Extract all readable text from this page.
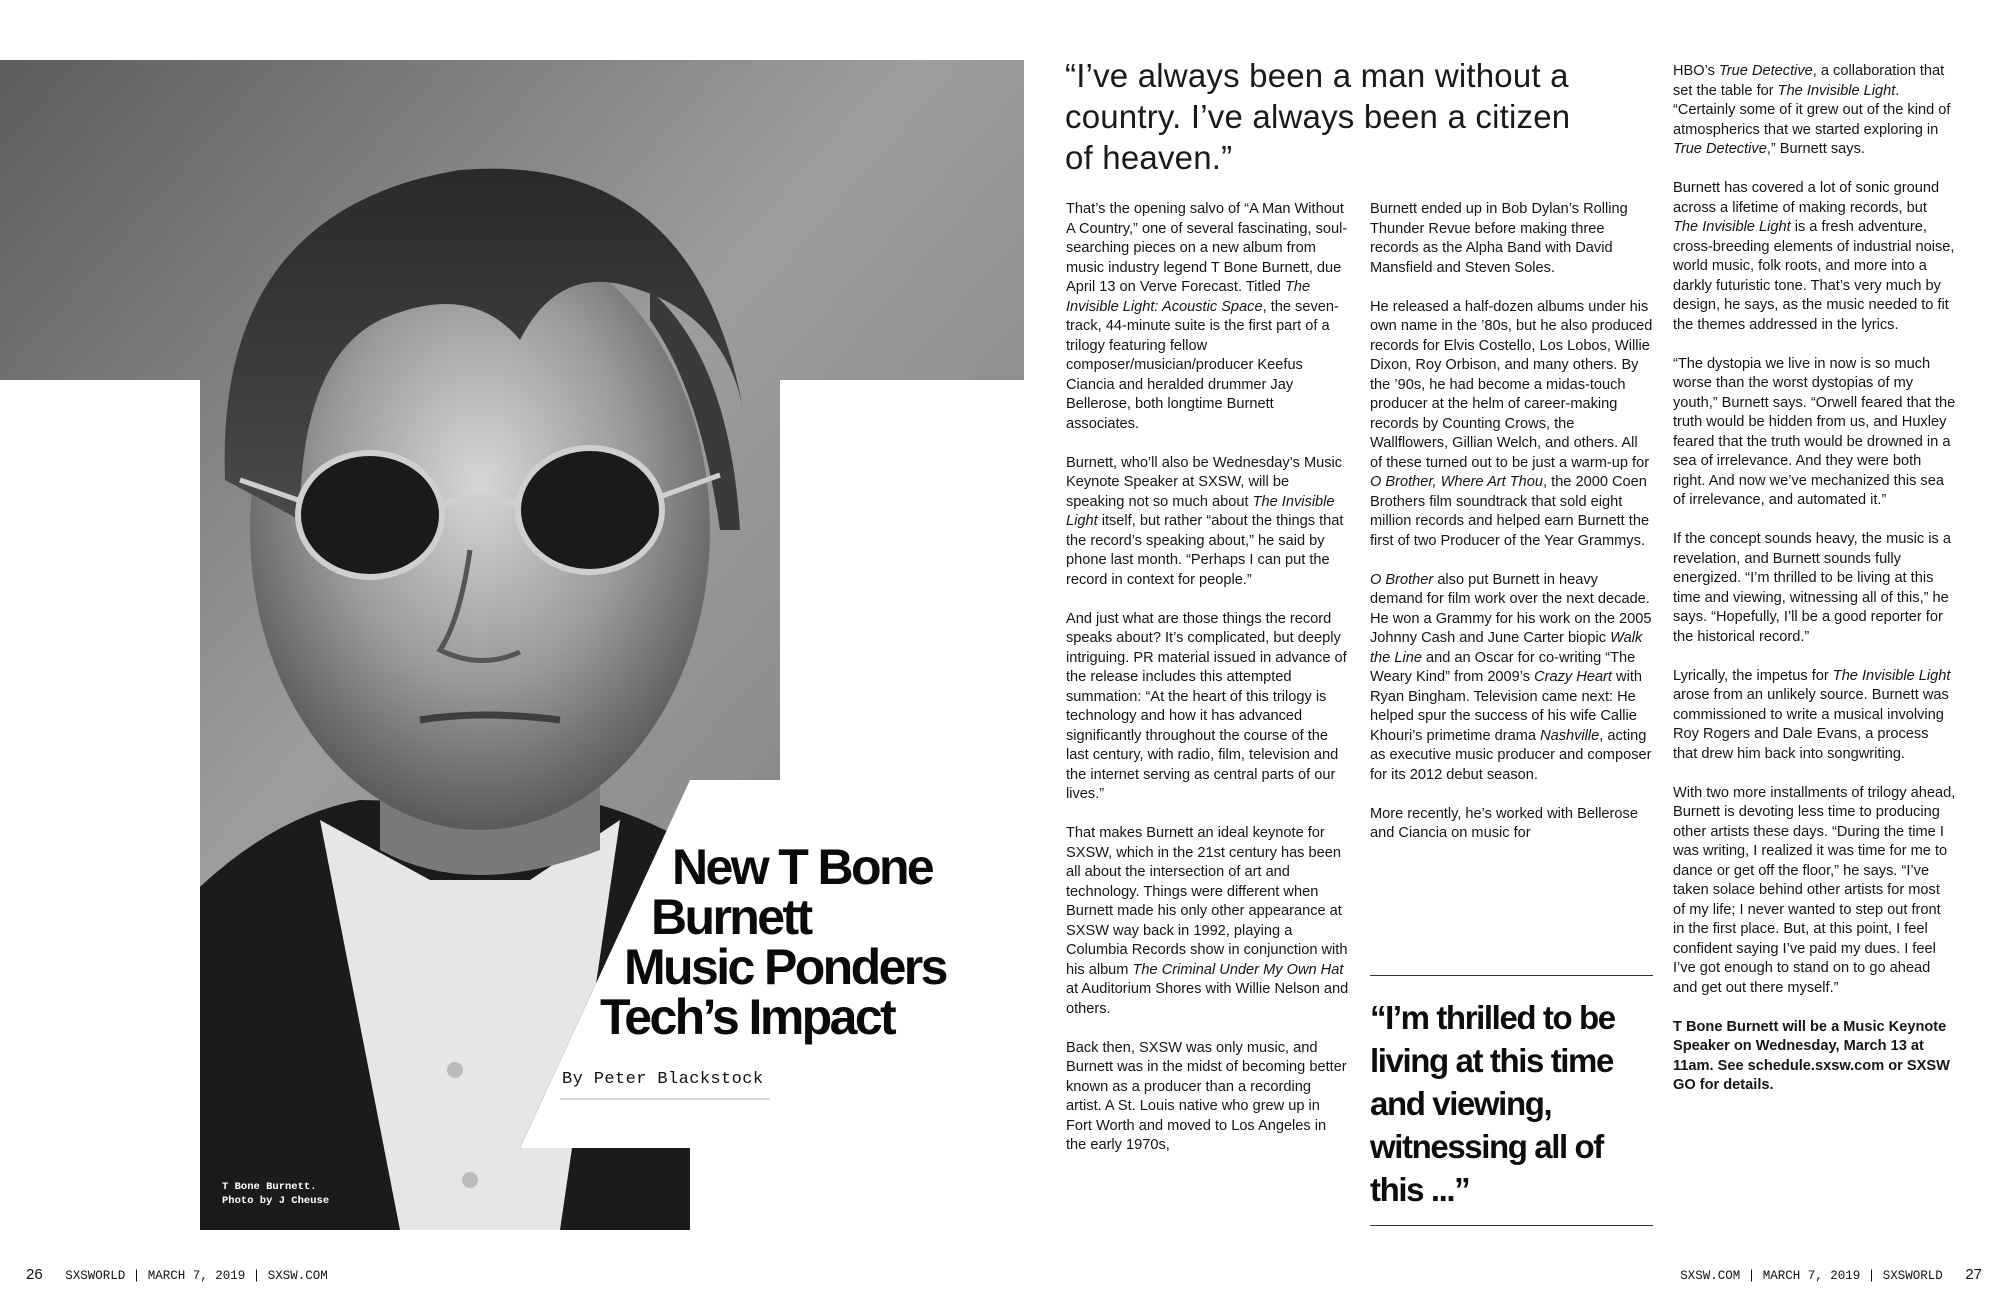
New T Bone
Burnett
Music Ponders
Tech’s Impact
By Peter Blackstock
T Bone Burnett.
Photo by J Cheuse
“I’ve always been a man without a country. I’ve always been a citizen of heaven.”

That’s the opening salvo of “A Man Without A Country,” one of several fascinating, soul-searching pieces on a new album from music industry legend T Bone Burnett, due April 13 on Verve Forecast. Titled The Invisible Light: Acoustic Space, the seven-track, 44-minute suite is the first part of a trilogy featuring fellow composer/musician/producer Keefus Ciancia and heralded drummer Jay Bellerose, both longtime Burnett associates.

Burnett, who’ll also be Wednesday’s Music Keynote Speaker at SXSW, will be speaking not so much about The Invisible Light itself, but rather “about the things that the record’s speaking about,” he said by phone last month. “Perhaps I can put the record in context for people.”

And just what are those things the record speaks about? It’s complicated, but deeply intriguing. PR material issued in advance of the release includes this attempted summation: “At the heart of this trilogy is technology and how it has advanced significantly throughout the course of the last century, with radio, film, television and the internet serving as central parts of our lives.”

That makes Burnett an ideal keynote for SXSW, which in the 21st century has been all about the intersection of art and technology. Things were different when Burnett made his only other appearance at SXSW way back in 1992, playing a Columbia Records show in conjunction with his album The Criminal Under My Own Hat at Auditorium Shores with Willie Nelson and others.

Back then, SXSW was only music, and Burnett was in the midst of becoming better known as a producer than a recording artist. A St. Louis native who grew up in Fort Worth and moved to Los Angeles in the early 1970s,

Burnett ended up in Bob Dylan’s Rolling Thunder Revue before making three records as the Alpha Band with David Mansfield and Steven Soles.

He released a half-dozen albums under his own name in the ’80s, but he also produced records for Elvis Costello, Los Lobos, Willie Dixon, Roy Orbison, and many others. By the ’90s, he had become a midas-touch producer at the helm of career-making records by Counting Crows, the Wallflowers, Gillian Welch, and others. All of these turned out to be just a warm-up for O Brother, Where Art Thou, the 2000 Coen Brothers film soundtrack that sold eight million records and helped earn Burnett the first of two Producer of the Year Grammys.

O Brother also put Burnett in heavy demand for film work over the next decade. He won a Grammy for his work on the 2005 Johnny Cash and June Carter biopic Walk the Line and an Oscar for co-writing “The Weary Kind” from 2009’s Crazy Heart with Ryan Bingham. Television came next: He helped spur the success of his wife Callie Khouri’s primetime drama Nashville, acting as executive music producer and composer for its 2012 debut season.

More recently, he’s worked with Bellerose and Ciancia on music for

HBO’s True Detective, a collaboration that set the table for The Invisible Light. “Certainly some of it grew out of the kind of atmospherics that we started exploring in True Detective,” Burnett says.

Burnett has covered a lot of sonic ground across a lifetime of making records, but The Invisible Light is a fresh adventure, cross-breeding elements of industrial noise, world music, folk roots, and more into a darkly futuristic tone. That’s very much by design, he says, as the music needed to fit the themes addressed in the lyrics.

“The dystopia we live in now is so much worse than the worst dystopias of my youth,” Burnett says. “Orwell feared that the truth would be hidden from us, and Huxley feared that the truth would be drowned in a sea of irrelevance. And they were both right. And now we’ve mechanized this sea of irrelevance, and automated it.”

If the concept sounds heavy, the music is a revelation, and Burnett sounds fully energized. “I’m thrilled to be living at this time and viewing, witnessing all of this,” he says. “Hopefully, I’ll be a good reporter for the historical record.”

Lyrically, the impetus for The Invisible Light arose from an unlikely source. Burnett was commissioned to write a musical involving Roy Rogers and Dale Evans, a process that drew him back into songwriting.

With two more installments of trilogy ahead, Burnett is devoting less time to producing other artists these days. “During the time I was writing, I realized it was time for me to dance or get off the floor,” he says. “I’ve taken solace behind other artists for most of my life; I never wanted to step out front in the first place. But, at this point, I feel confident saying I’ve paid my dues. I feel I’ve got enough to stand on to go ahead and get out there myself.”

T Bone Burnett will be a Music Keynote Speaker on Wednesday, March 13 at 11am. See schedule.sxsw.com or SXSW GO for details.

“I’m thrilled to be living at this time and viewing, witnessing all of this ...”
26 SXSWORLD | MARCH 7, 2019 | SXSW.COM	SXSW.COM | MARCH 7, 2019 | SXSWORLD 27
